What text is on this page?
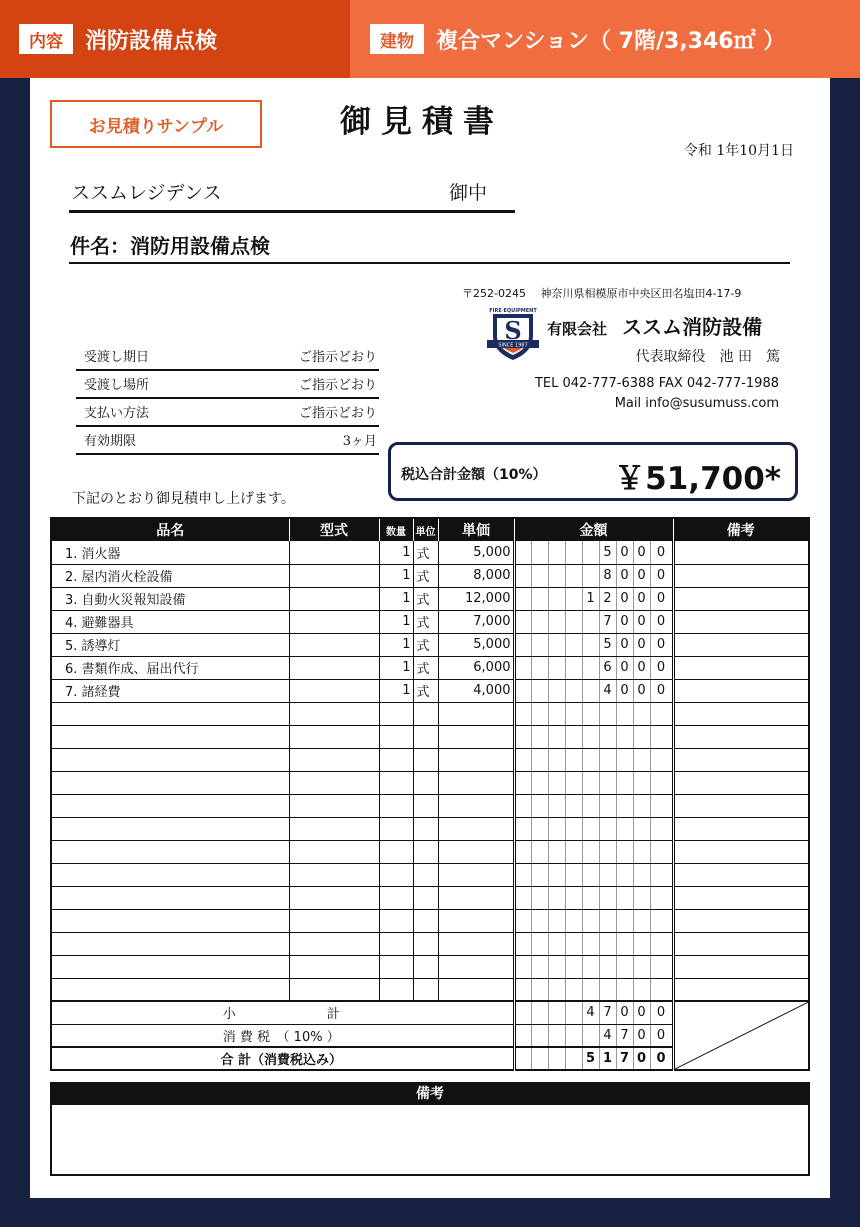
内容	消防設備点検	建物	複合マンション（ 7階/3,346㎡ ）
お見積りサンプル	御見積書
令和 1年10月1日
ススムレジデンス	御中
件名：消防用設備点検
受渡し期日	ご指示どおり
受渡し場所	ご指示どおり
支払い方法	ご指示どおり
有効期限	3ヶ月
〒252-0245　 神奈川県相模原市中央区田名塩田4-17-9
S
SINCE 1987
FIRE EQUIPMENT
有限会社 ススム消防設備
代表取締役　池 田　篤
TEL 042-777-6388 FAX 042-777-1988
Mail info@susumuss.com
税込合計金額（10%） ￥51,700*
下記のとおり御見積申し上げます。
品名	型式	数量	単位	単価	金額									備考
1. 消火器		1	式	5,000						5	0	0	0	
2. 屋内消火栓設備		1	式	8,000						8	0	0	0	
3. 自動火災報知設備		1	式	12,000					1	2	0	0	0	
4. 避難器具		1	式	7,000						7	0	0	0	
5. 誘導灯		1	式	5,000						5	0	0	0	
6. 書類作成、届出代行		1	式	6,000						6	0	0	0	
7. 諸経費		1	式	4,000						4	0	0	0	

小　　　　　　　計									4	7	0	0	0	

消 費 税　（ 10% ）										4	7	0	0	
合 計（消費税込み）									5	1	7	0	0	
備考
